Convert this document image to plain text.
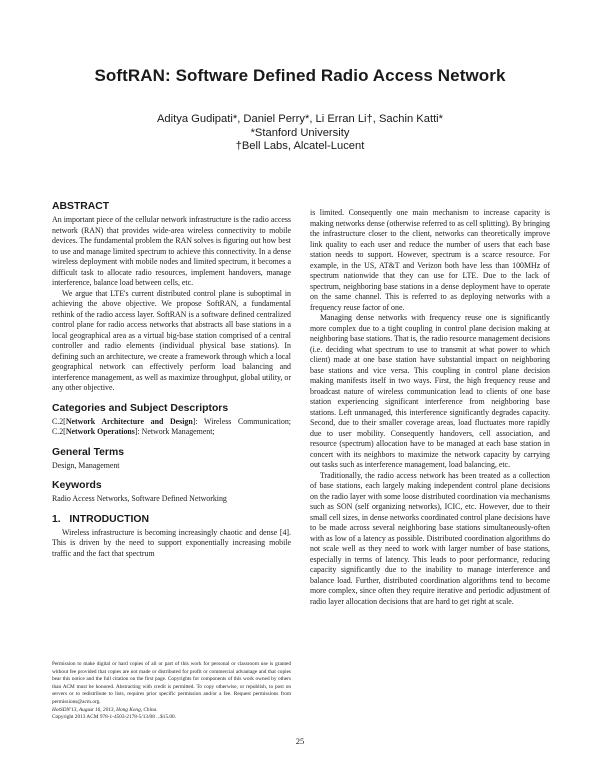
SoftRAN: Software Defined Radio Access Network
Aditya Gudipati*, Daniel Perry*, Li Erran Li†, Sachin Katti*
*Stanford University
†Bell Labs, Alcatel-Lucent
ABSTRACT

An important piece of the cellular network infrastructure is the radio access network (RAN) that provides wide-area wireless connectivity to mobile devices. The fundamental problem the RAN solves is figuring out how best to use and manage limited spectrum to achieve this connectivity. In a dense wireless deployment with mobile nodes and limited spectrum, it becomes a difficult task to allocate radio resources, implement handovers, manage interference, balance load between cells, etc.

We argue that LTE's current distributed control plane is suboptimal in achieving the above objective. We propose SoftRAN, a fundamental rethink of the radio access layer. SoftRAN is a software defined centralized control plane for radio access networks that abstracts all base stations in a local geographical area as a virtual big-base station comprised of a central controller and radio elements (individual physical base stations). In defining such an architecture, we create a framework through which a local geographical network can effectively perform load balancing and interference management, as well as maximize throughput, global utility, or any other objective.

Categories and Subject Descriptors

C.2[Network Architecture and Design]: Wireless Communication; C.2[Network Operations]: Network Management;

General Terms

Design, Management

Keywords

Radio Access Networks, Software Defined Networking

1.   INTRODUCTION

Wireless infrastructure is becoming increasingly chaotic and dense [4]. This is driven by the need to support exponentially increasing mobile traffic and the fact that spectrum

Permission to make digital or hard copies of all or part of this work for personal or classroom use is granted without fee provided that copies are not made or distributed for profit or commercial advantage and that copies bear this notice and the full citation on the first page. Copyrights for components of this work owned by others than ACM must be honored. Abstracting with credit is permitted. To copy otherwise, or republish, to post on servers or to redistribute to lists, requires prior specific permission and/or a fee. Request permissions from permissions@acm.org.
HotSDN'13, August 16, 2013, Hong Kong, China.
Copyright 2013 ACM 978-1-4503-2178-5/13/08 ...$15.00.

is limited. Consequently one main mechanism to increase capacity is making networks dense (otherwise referred to as cell splitting). By bringing the infrastructure closer to the client, networks can theoretically improve link quality to each user and reduce the number of users that each base station needs to support. However, spectrum is a scarce resource. For example, in the US, AT&T and Verizon both have less than 100MHz of spectrum nationwide that they can use for LTE. Due to the lack of spectrum, neighboring base stations in a dense deployment have to operate on the same channel. This is referred to as deploying networks with a frequency reuse factor of one.

Managing dense networks with frequency reuse one is significantly more complex due to a tight coupling in control plane decision making at neighboring base stations. That is, the radio resource management decisions (i.e. deciding what spectrum to use to transmit at what power to which client) made at one base station have substantial impact on neighboring base stations and vice versa. This coupling in control plane decision making manifests itself in two ways. First, the high frequency reuse and broadcast nature of wireless communication lead to clients of one base station experiencing significant interference from neighboring base stations. Left unmanaged, this interference significantly degrades capacity. Second, due to their smaller coverage areas, load fluctuates more rapidly due to user mobility. Consequently handovers, cell association, and resource (spectrum) allocation have to be managed at each base station in concert with its neighbors to maximize the network capacity by carrying out tasks such as interference management, load balancing, etc.

Traditionally, the radio access network has been treated as a collection of base stations, each largely making independent control plane decisions on the radio layer with some loose distributed coordination via mechanisms such as SON (self organizing networks), ICIC, etc. However, due to their small cell sizes, in dense networks coordinated control plane decisions have to be made across several neighboring base stations simultaneously-often with as low of a latency as possible. Distributed coordination algorithms do not scale well as they need to work with larger number of base stations, especially in terms of latency. This leads to poor performance, reducing capacity significantly due to the inability to manage interference and balance load. Further, distributed coordination algorithms tend to become more complex, since often they require iterative and periodic adjustment of radio layer allocation decisions that are hard to get right at scale.

25
